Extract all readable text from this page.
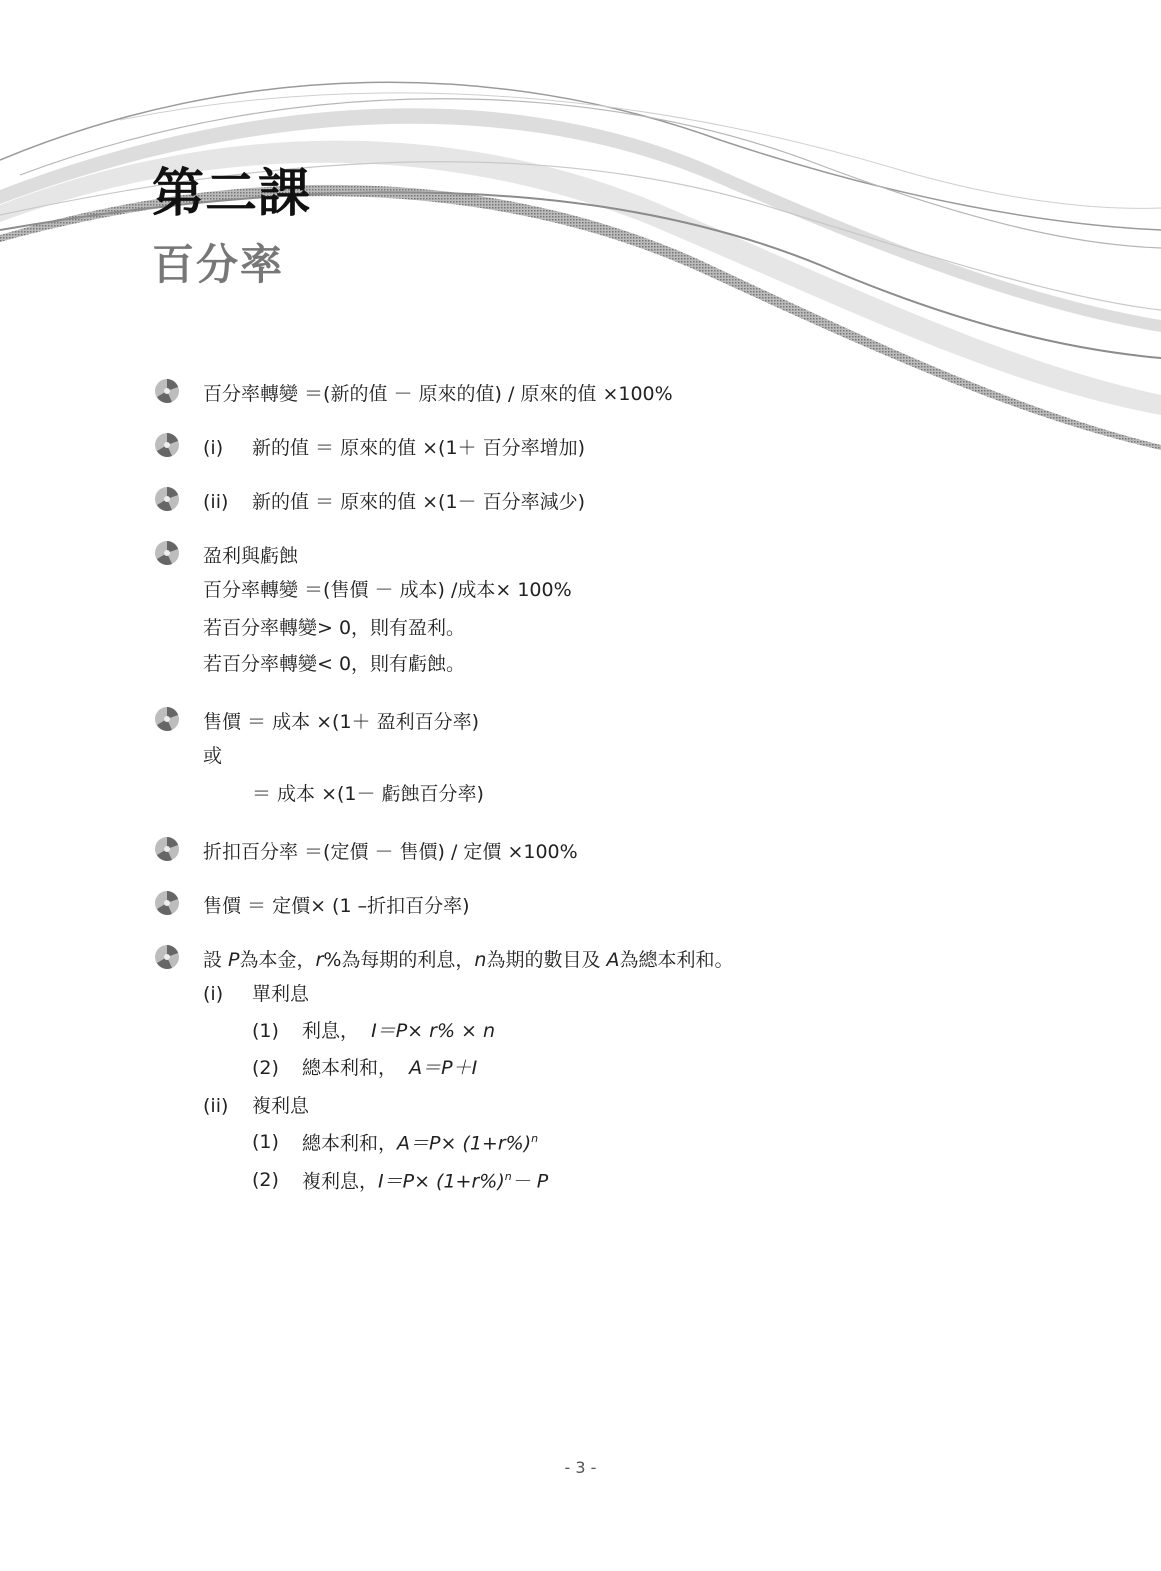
第二課
百分率
百分率轉變 ＝(新的值 － 原來的值) / 原來的值 ×100%
(i) 新的值 ＝ 原來的值 ×(1＋ 百分率增加)
(ii) 新的值 ＝ 原來的值 ×(1－ 百分率減少)
盈利與虧蝕
百分率轉變 ＝(售價 － 成本) /成本× 100%
若百分率轉變> 0，則有盈利。
若百分率轉變< 0，則有虧蝕。
售價 ＝ 成本 ×(1＋ 盈利百分率)
或
＝ 成本 ×(1－ 虧蝕百分率)
折扣百分率 ＝(定價 － 售價) / 定價 ×100%
售價 ＝ 定價× (1 –折扣百分率)
設 P為本金，r%為每期的利息，n為期的數目及 A為總本利和。
(i) 單利息
(1) 利息， I＝P× r% × n
(2) 總本利和， A＝P＋I
(ii) 複利息
(1) 總本利和，$A=P\times (1+r\%)^n$
(2) 複利息，$I=P\times (1+r\%)^n- P$
- 3 -
